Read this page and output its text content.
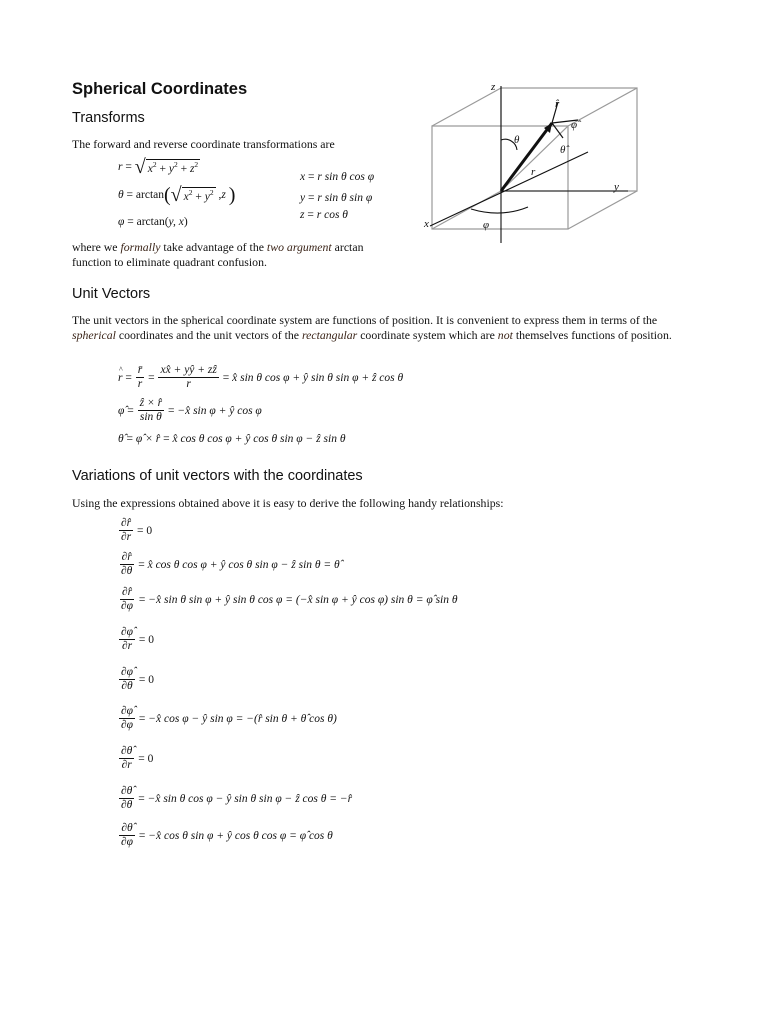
Spherical Coordinates
Transforms
The forward and reverse coordinate transformations are
r = √ $x^2 + y^2 + z^2$
θ = arctan ( √ $x^2 + y^2$ , z
)
φ = arctan( y, x )
x = r sin θ cos φ
y = r sin θ sin φ
z = r cos θ
where we formally take advantage of the two argument arctan
function to eliminate quadrant confusion.
z
y
x
r
θ
φ
r̂
φ̂
θ̂
Unit Vectors
The unit vectors in the spherical coordinate system are functions of position. It is convenient to express them in terms of the spherical coordinates and the unit vectors of the rectangular coordinate system which are not themselves functions of position.
^ $r = \frac{r̄}{r} = \frac{\text{xx̂ + yŷ + zẑ}}{r}$ = x̂ sin θ cos φ + ŷ sin θ sin φ + ẑ cos θ
φ̂ = $\frac{\text{ẑ × r̂}}{\text{sin θ}}$ = −x̂ sin φ + ŷ cos φ
θ̂ = φ̂ × r̂ = x̂ cos θ cos φ + ŷ cos θ sin φ − ẑ sin θ
Variations of unit vectors with the coordinates
Using the expressions obtained above it is easy to derive the following handy relationships:
$\frac{\partial r̂}{\partial r} = 0$
$\frac{\partial r̂}{\partial\theta}$ = x̂ cos θ cos φ + ŷ cos θ sin φ − ẑ sin θ = θ̂
$\frac{\partial r̂}{\partial\varphi}$ = −x̂ sin θ sin φ + ŷ sin θ cos φ = (−x̂ sin φ + ŷ cos φ) sin θ = φ̂ sin θ
$\frac{\partial\varphî}{\partial r} = 0$
$\frac{\partial\varphî}{\partial\theta} = 0$
$\frac{\partial\varphî}{\partial\varphi}$ = −x̂ cos φ − ŷ sin φ = −(r̂ sin θ + θ̂ cos θ)
$\frac{\partial\thetâ}{\partial r} = 0$
$\frac{\partial\thetâ}{\partial\theta}$ = −x̂ sin θ cos φ − ŷ sin θ sin φ − ẑ cos θ = −r̂
$\frac{\partial\thetâ}{\partial\varphi}$ = −x̂ cos θ sin φ + ŷ cos θ cos φ = φ̂ cos θ
